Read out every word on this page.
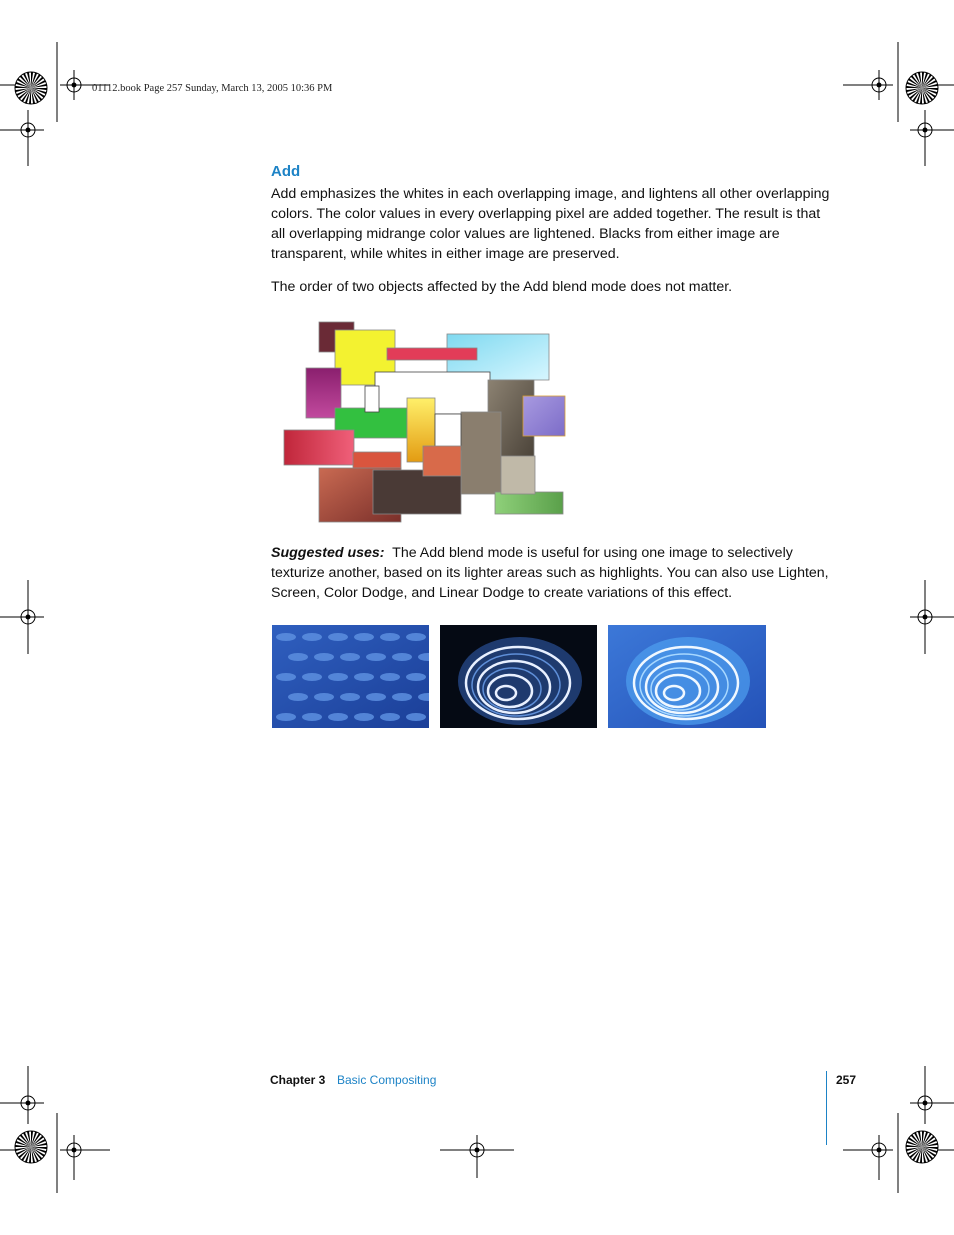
01112.book Page 257 Sunday, March 13, 2005 10:36 PM
Add
Add emphasizes the whites in each overlapping image, and lightens all other overlapping colors. The color values in every overlapping pixel are added together. The result is that all overlapping midrange color values are lightened. Blacks from either image are transparent, while whites in either image are preserved.
The order of two objects affected by the Add blend mode does not matter.
Suggested uses: The Add blend mode is useful for using one image to selectively texturize another, based on its lighter areas such as highlights. You can also use Lighten, Screen, Color Dodge, and Linear Dodge to create variations of this effect.
Chapter 3 Basic Compositing	257
